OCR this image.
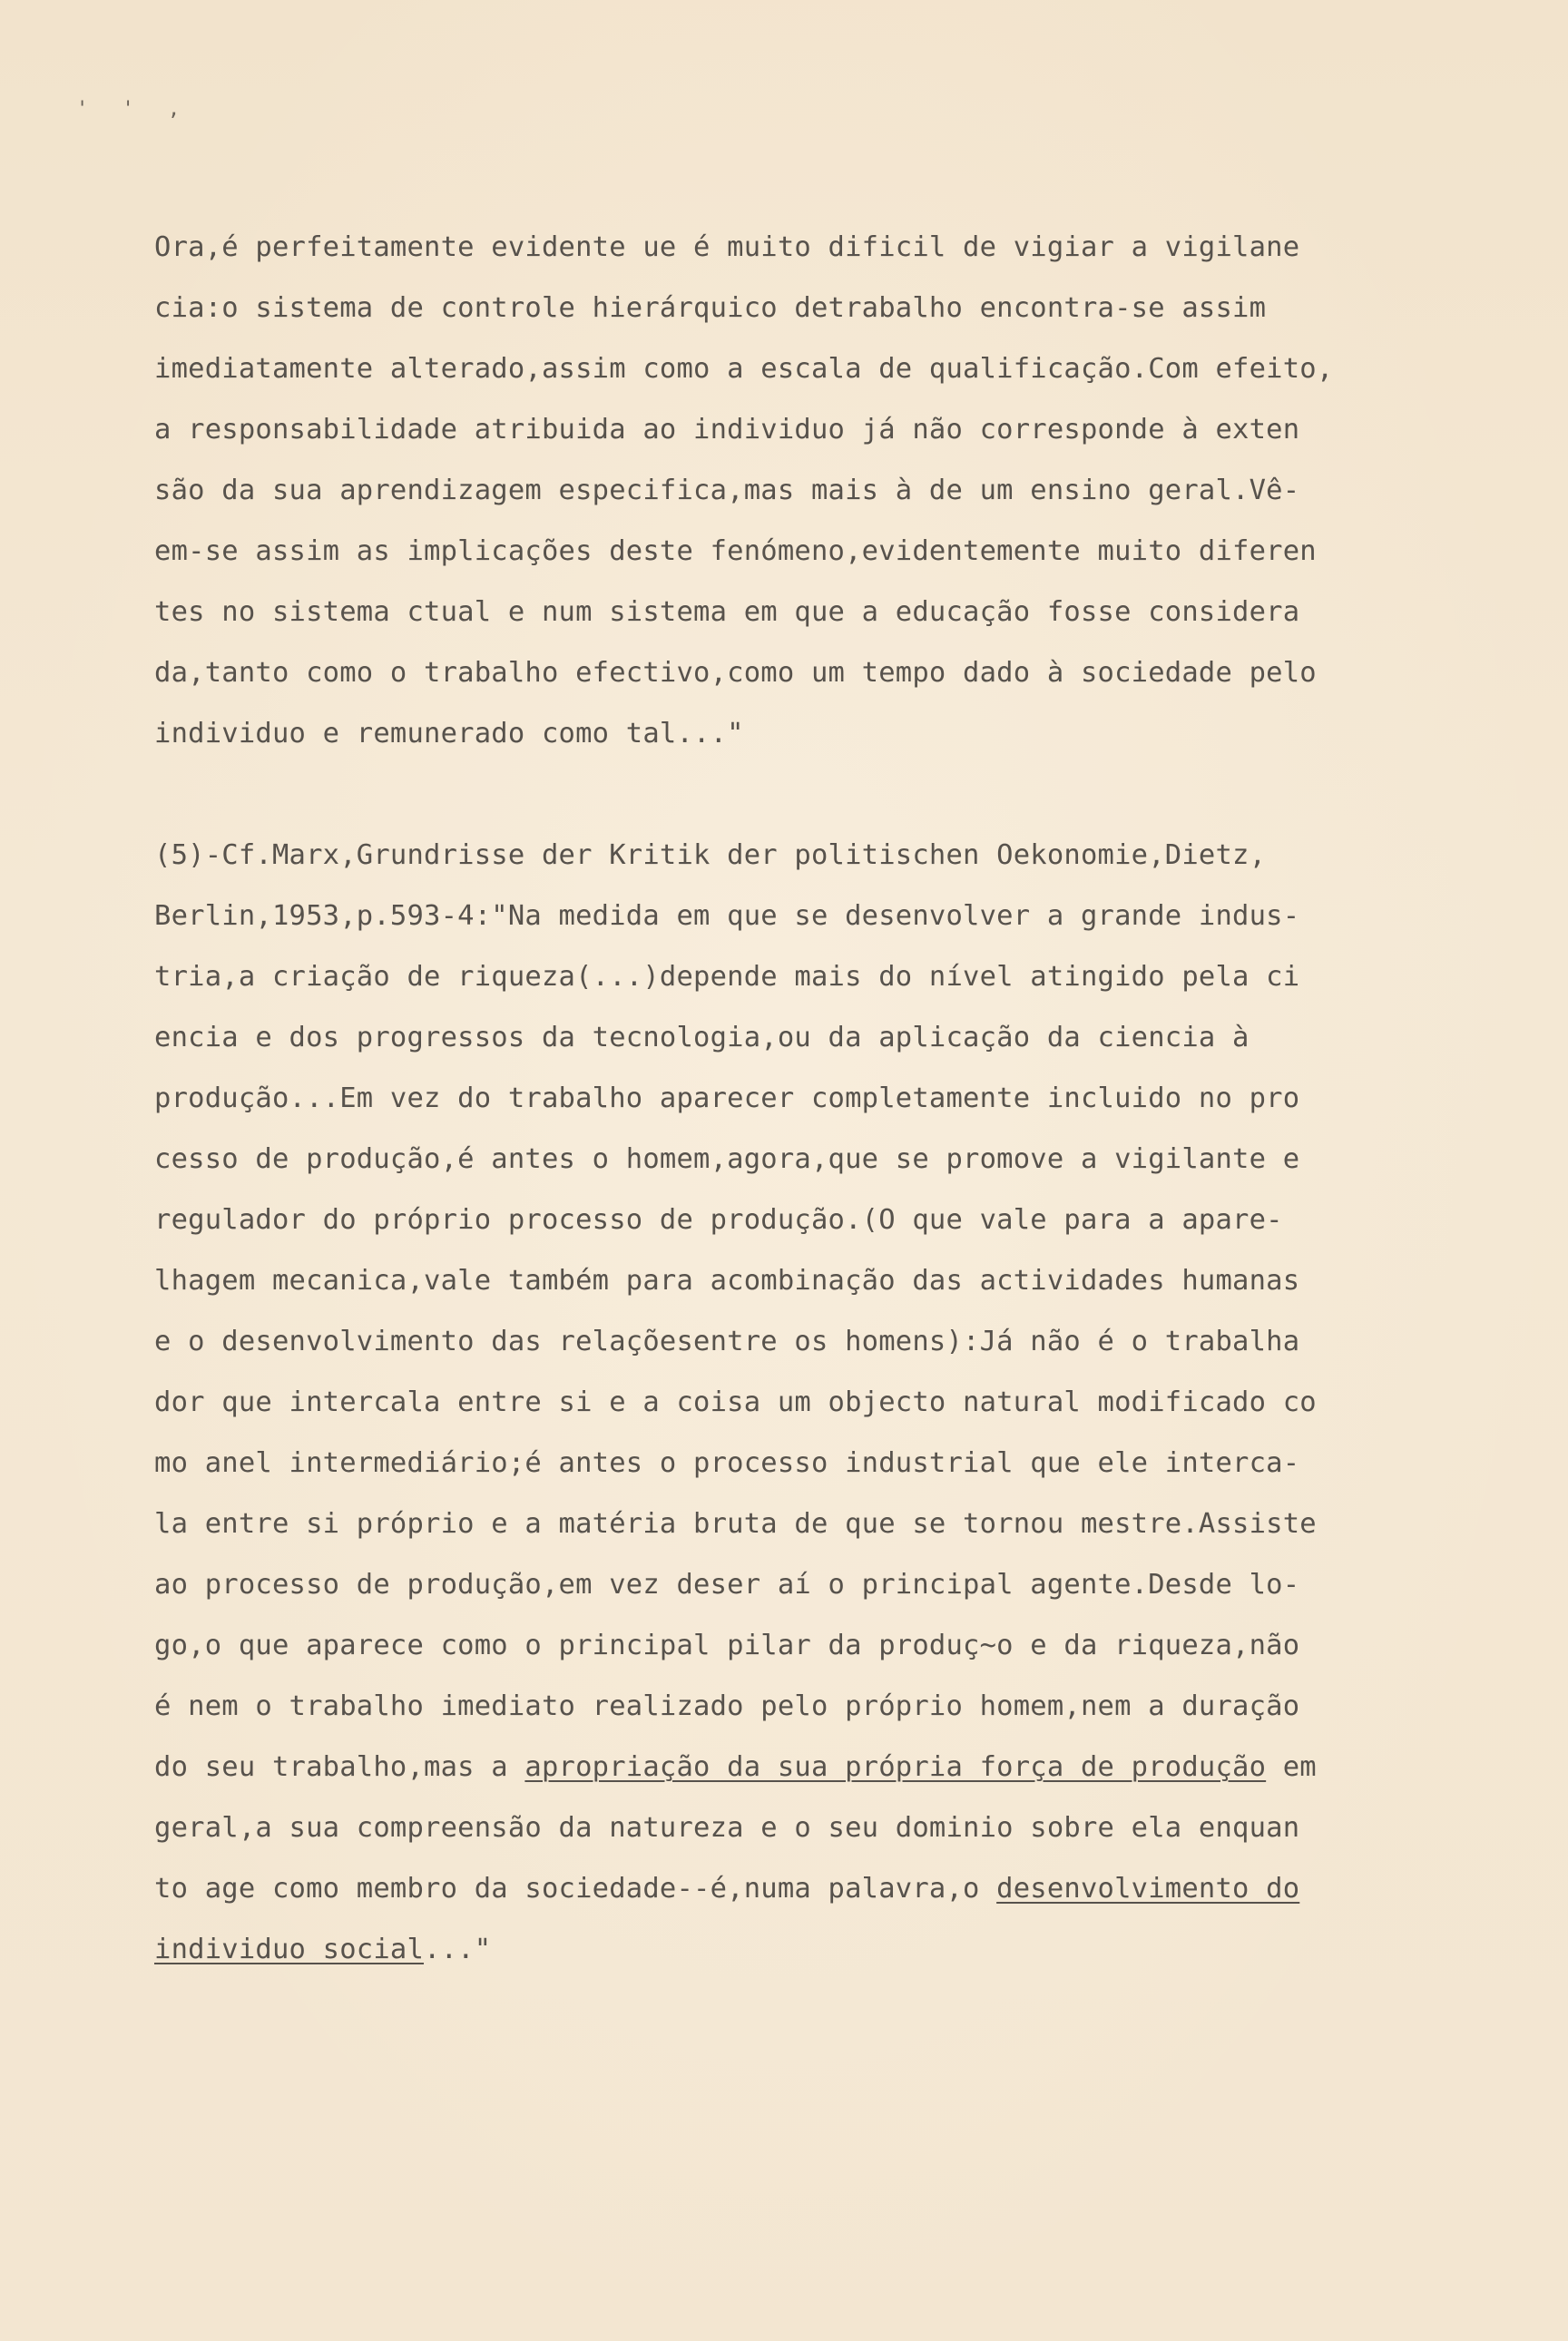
' ' ,
Ora,é perfeitamente evidente ue é muito dificil de vigiar a vigilane
cia:o sistema de controle hierárquico detrabalho encontra-se assim
imediatamente alterado,assim como a escala de qualificação.Com efeito,
a responsabilidade atribuida ao individuo já não corresponde à exten
são da sua aprendizagem especifica,mas mais à de um ensino geral.Vê-
em-se assim as implicações deste fenómeno,evidentemente muito diferen
tes no sistema ctual e num sistema em que a educação fosse considera
da,tanto como o trabalho efectivo,como um tempo dado à sociedade pelo
individuo e remunerado como tal..."
(5)-Cf.Marx,Grundrisse der Kritik der politischen Oekonomie,Dietz,
Berlin,1953,p.593-4:"Na medida em que se desenvolver a grande indus-
tria,a criação de riqueza(...)depende mais do nível atingido pela ci
encia e dos progressos da tecnologia,ou da aplicação da ciencia à
produção...Em vez do trabalho aparecer completamente incluido no pro
cesso de produção,é antes o homem,agora,que se promove a vigilante e
regulador do próprio processo de produção.(O que vale para a apare-
lhagem mecanica,vale também para acombinação das actividades humanas
e o desenvolvimento das relaçõesentre os homens):Já não é o trabalha
dor que intercala entre si e a coisa um objecto natural modificado co
mo anel intermediário;é antes o processo industrial que ele interca-
la entre si próprio e a matéria bruta de que se tornou mestre.Assiste
ao processo de produção,em vez deser aí o principal agente.Desde lo-
go,o que aparece como o principal pilar da produç~o e da riqueza,não
é nem o trabalho imediato realizado pelo próprio homem,nem a duração
do seu trabalho,mas a apropriação da sua própria força de produção em
geral,a sua compreensão da natureza e o seu dominio sobre ela enquan
to age como membro da sociedade--é,numa palavra,o desenvolvimento do
individuo social..."
